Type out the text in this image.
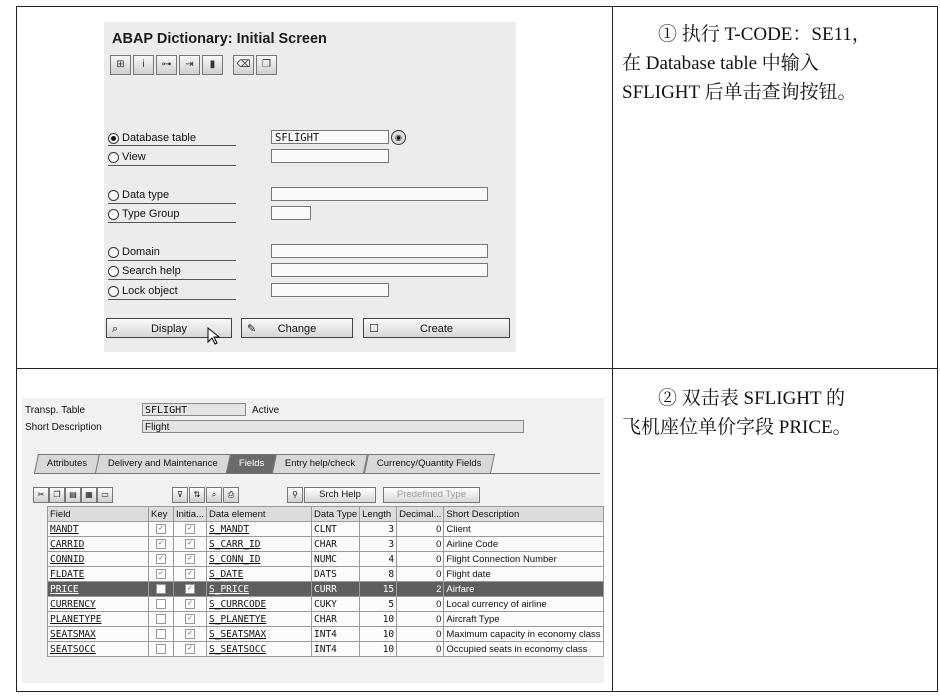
ABAP Dictionary: Initial Screen
⊞	i	⊶	⇥	▮	⌫	❐
Database table	SFLIGHT	◉
View
Data type
Type Group
Domain
Search help
Lock object
⌕	Display	✎	Change	☐	Create
① 执行 T-CODE：SE11，
在 Database table 中输入
SFLIGHT 后单击查询按钮。
Transp. Table	SFLIGHT	Active
Short Description	Flight
Attributes	Delivery and Maintenance	Fields	Entry help/check	Currency/Quantity Fields
✂	❐	▤	▦	▭	⊽	⇅	⌕	⎙	⚲	Srch Help	Predefined Type
Field	Key	Initia...	Data element	Data Type	Length	Decimal...	Short Description
MANDT	✓	✓	S_MANDT	CLNT	3	0	Client
CARRID	✓	✓	S_CARR_ID	CHAR	3	0	Airline Code
CONNID	✓	✓	S_CONN_ID	NUMC	4	0	Flight Connection Number
FLDATE	✓	✓	S_DATE	DATS	8	0	Flight date
PRICE		✓	S_PRICE	CURR	15	2	Airfare
CURRENCY		✓	S_CURRCODE	CUKY	5	0	Local currency of airline
PLANETYPE		✓	S_PLANETYE	CHAR	10	0	Aircraft Type
SEATSMAX		✓	S_SEATSMAX	INT4	10	0	Maximum capacity in economy class
SEATSOCC		✓	S_SEATSOCC	INT4	10	0	Occupied seats in economy class
② 双击表 SFLIGHT 的
飞机座位单价字段 PRICE。
